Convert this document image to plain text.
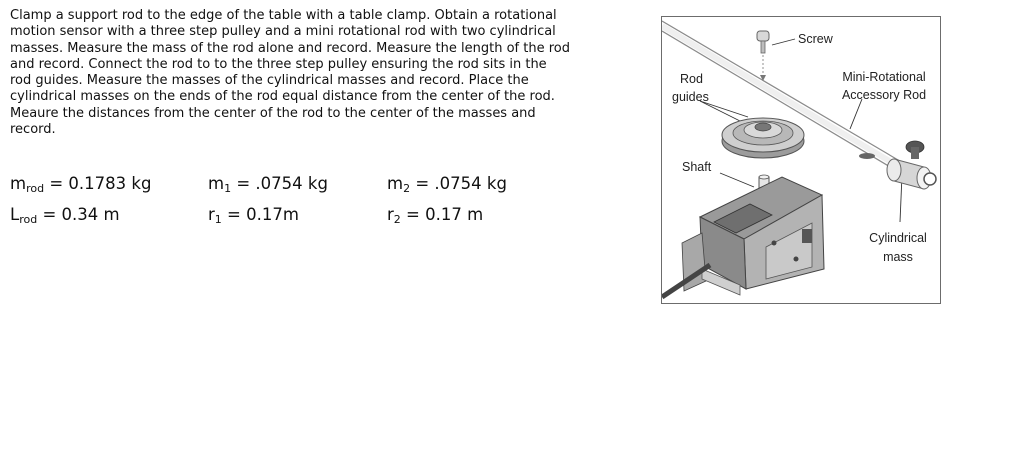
Clamp a support rod to the edge of the table with a table clamp. Obtain a rotational motion sensor with a three step pulley and a mini rotational rod with two cylindrical masses. Measure the mass of the rod alone and record. Measure the length of the rod and record. Connect the rod to to the three step pulley ensuring the rod sits in the rod guides. Measure the masses of the cylindrical masses and record. Place the cylindrical masses on the ends of the rod equal distance from the center of the rod. Meaure the distances from the center of the rod to the center of the masses and record.

$m_{rod} = 0.1783$ kg
$L_{rod} = 0.34$ m
$m_1 = .0754$ kg
$r_1 = 0.17m$
$m_2 = .0754$ kg
$r_2 = 0.17$ m
Screw
Rod
guides
Mini-Rotational
Accessory Rod
Shaft
Cylindrical
mass
